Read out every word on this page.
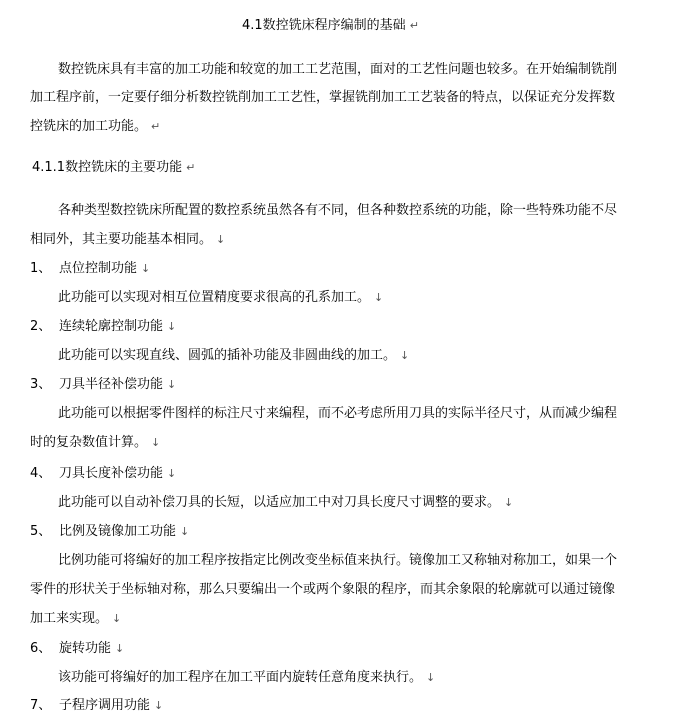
4.1数控铣床程序编制的基础 ↵
数控铣床具有丰富的加工功能和较宽的加工工艺范围，面对的工艺性问题也较多。在开始编制铣削
加工程序前，一定要仔细分析数控铣削加工工艺性，掌握铣削加工工艺装备的特点，以保证充分发挥数
控铣床的加工功能。 ↵
4.1.1数控铣床的主要功能 ↵
各种类型数控铣床所配置的数控系统虽然各有不同，但各种数控系统的功能，除一些特殊功能不尽
相同外，其主要功能基本相同。 ↓
1、 点位控制功能 ↓
此功能可以实现对相互位置精度要求很高的孔系加工。 ↓
2、 连续轮廓控制功能 ↓
此功能可以实现直线、圆弧的插补功能及非圆曲线的加工。 ↓
3、 刀具半径补偿功能 ↓
此功能可以根据零件图样的标注尺寸来编程，而不必考虑所用刀具的实际半径尺寸，从而减少编程
时的复杂数值计算。 ↓
4、 刀具长度补偿功能 ↓
此功能可以自动补偿刀具的长短，以适应加工中对刀具长度尺寸调整的要求。 ↓
5、 比例及镜像加工功能 ↓
比例功能可将编好的加工程序按指定比例改变坐标值来执行。镜像加工又称轴对称加工，如果一个
零件的形状关于坐标轴对称，那么只要编出一个或两个象限的程序，而其余象限的轮廓就可以通过镜像
加工来实现。 ↓
6、 旋转功能 ↓
该功能可将编好的加工程序在加工平面内旋转任意角度来执行。 ↓
7、 子程序调用功能 ↓
